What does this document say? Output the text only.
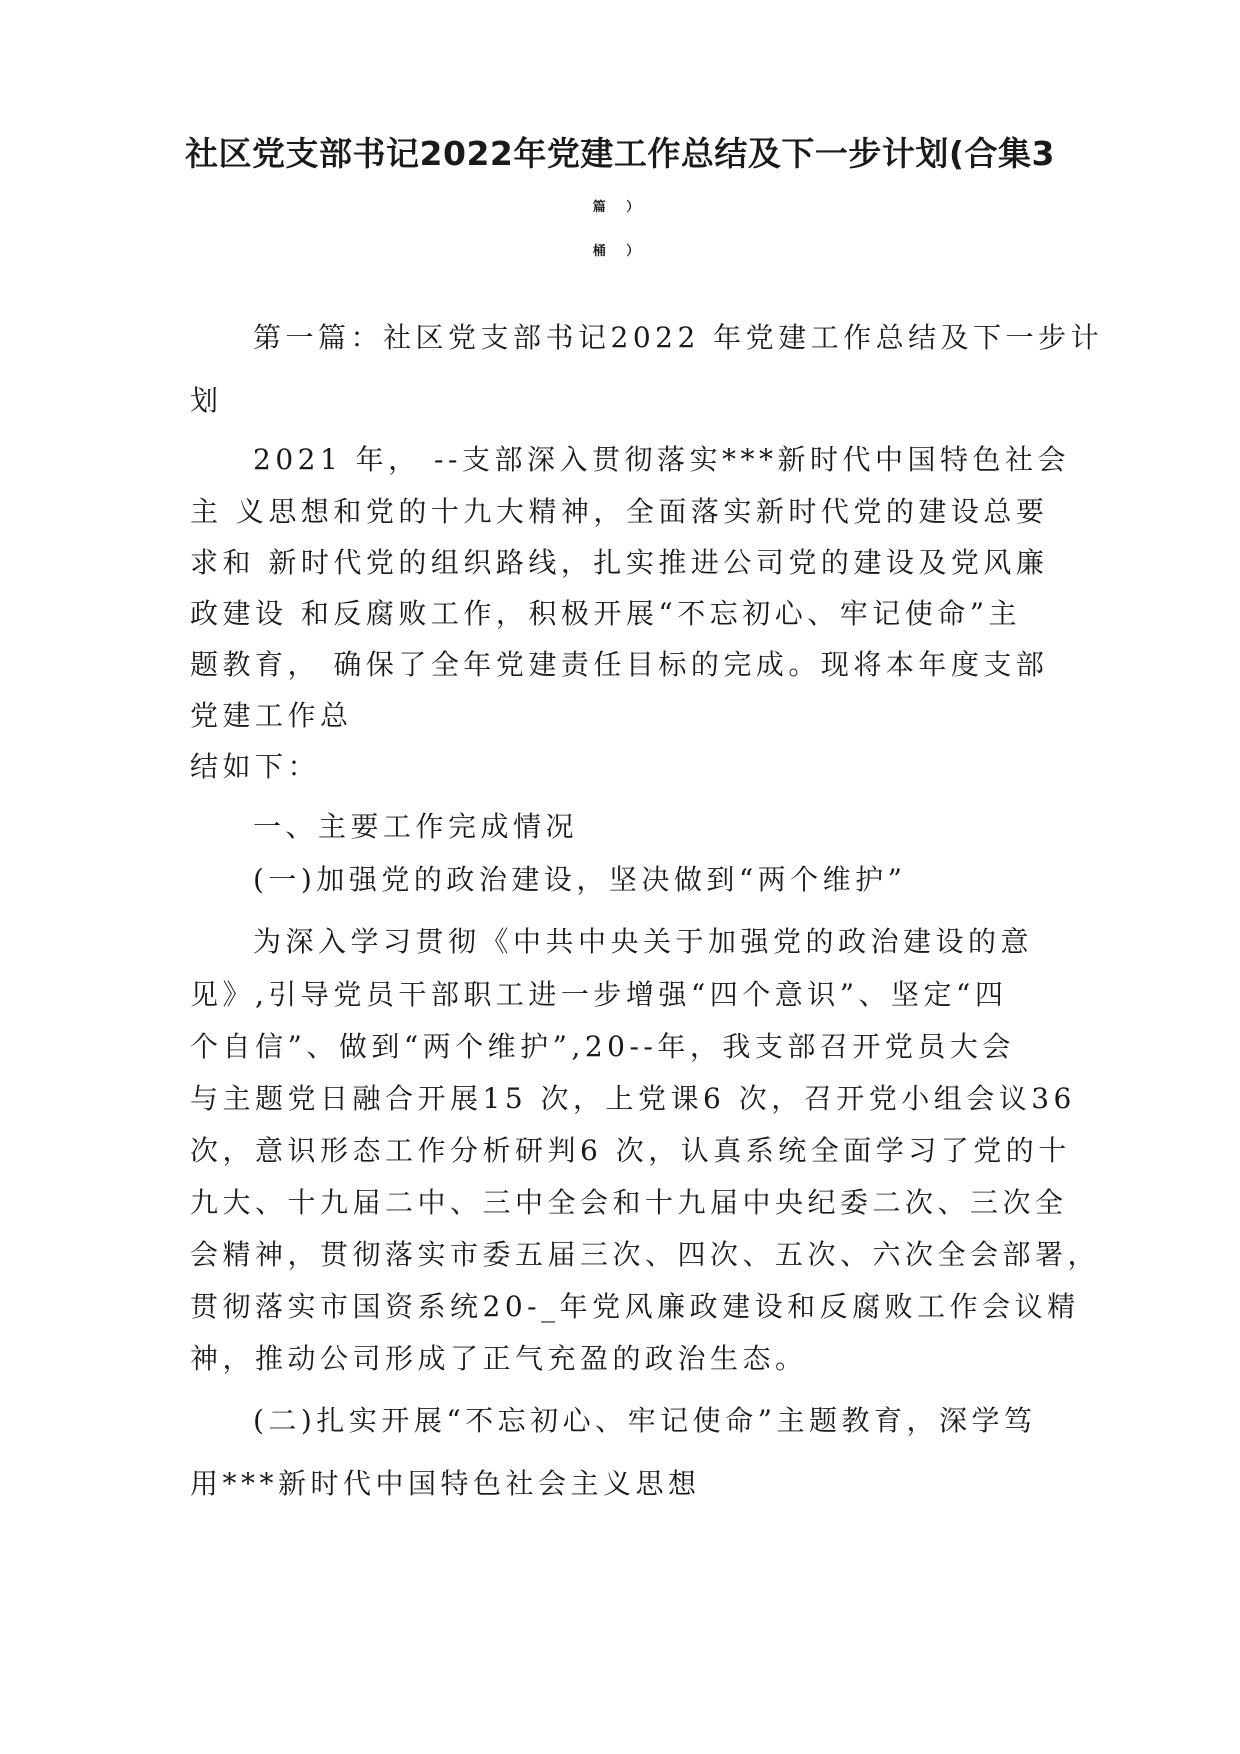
社区党支部书记2022年党建工作总结及下一步计划(合集3
篇 ）
桶 ）
第一篇：社区党支部书记2022 年党建工作总结及下一步计
划
2021 年， --支部深入贯彻落实***新时代中国特色社会
主 义思想和党的十九大精神，全面落实新时代党的建设总要
求和 新时代党的组织路线，扎实推进公司党的建设及党风廉
政建设 和反腐败工作，积极开展“不忘初心、牢记使命”主
题教育， 确保了全年党建责任目标的完成。现将本年度支部
党建工作总
结如下：
一、主要工作完成情况
(一)加强党的政治建设，坚决做到“两个维护”
为深入学习贯彻《中共中央关于加强党的政治建设的意
见》,引导党员干部职工进一步增强“四个意识”、坚定“四
个自信”、做到“两个维护”,20--年，我支部召开党员大会
与主题党日融合开展15 次，上党课6 次，召开党小组会议36
次，意识形态工作分析研判6 次，认真系统全面学习了党的十
九大、十九届二中、三中全会和十九届中央纪委二次、三次全
会精神，贯彻落实市委五届三次、四次、五次、六次全会部署，
贯彻落实市国资系统20-_年党风廉政建设和反腐败工作会议精
神，推动公司形成了正气充盈的政治生态。
(二)扎实开展“不忘初心、牢记使命”主题教育，深学笃
用***新时代中国特色社会主义思想
